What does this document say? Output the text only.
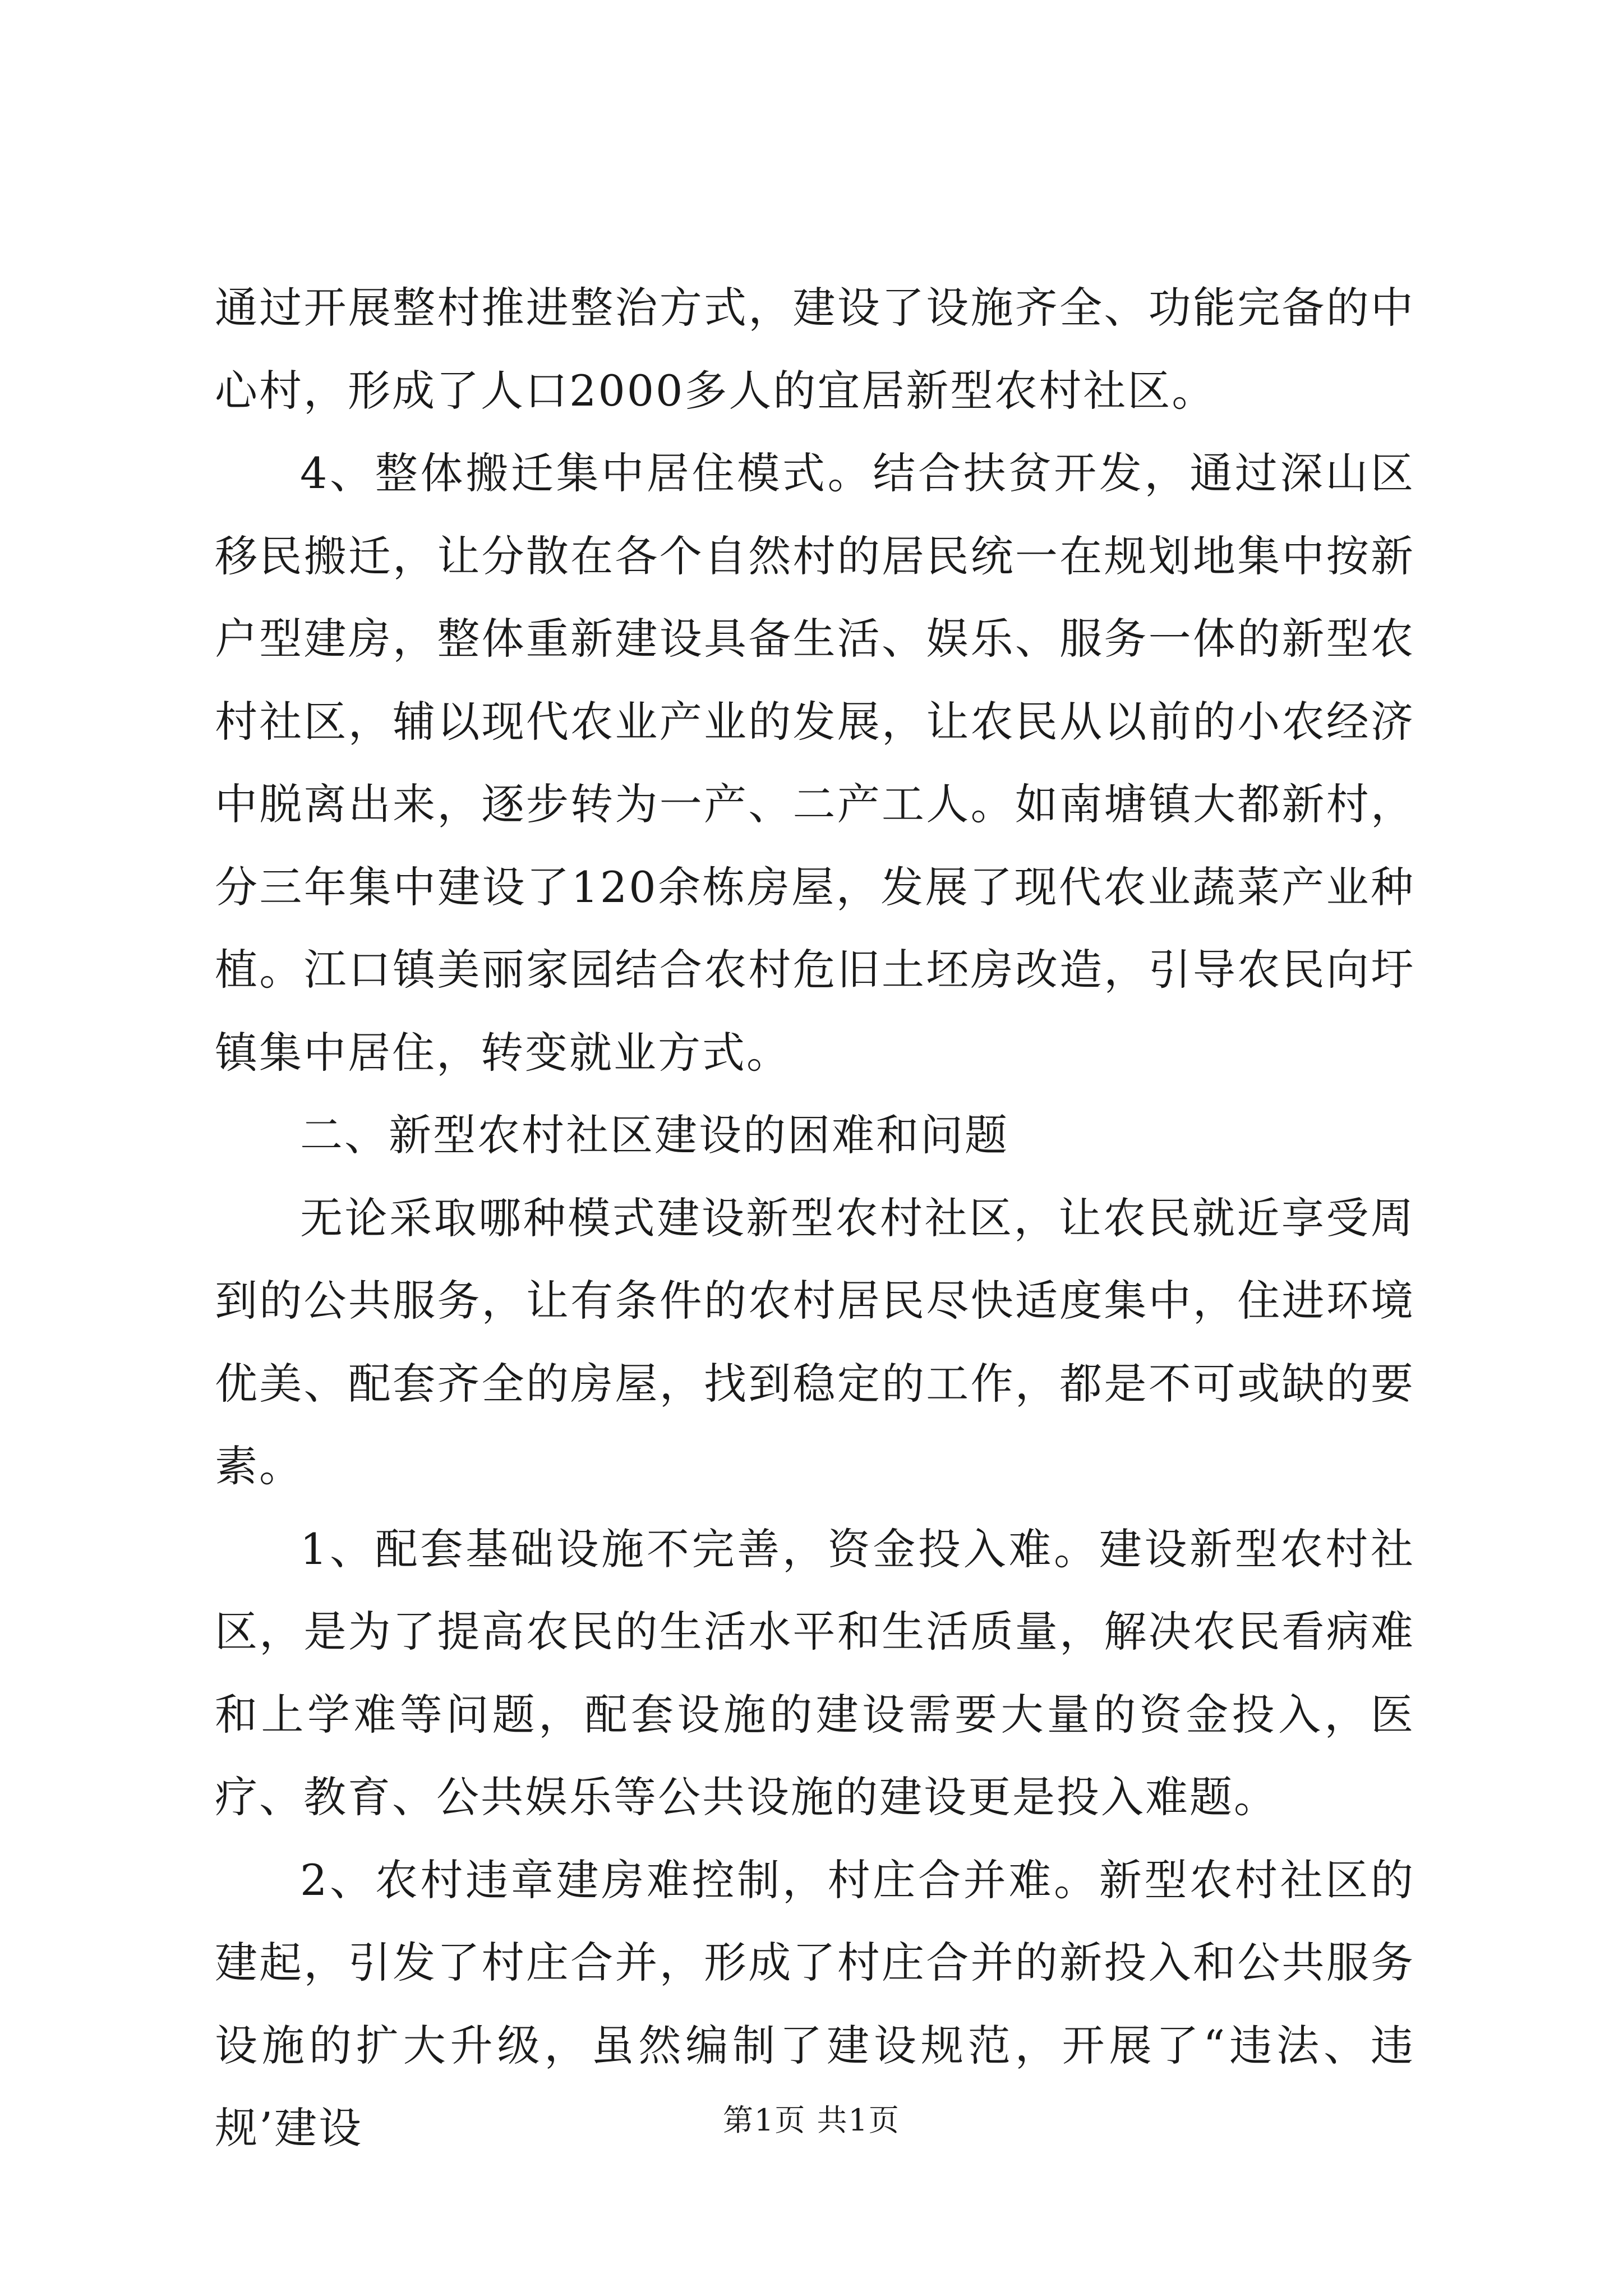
通过开展整村推进整治方式，建设了设施齐全、功能完备的中心村，形成了人口2000多人的宜居新型农村社区。

4、整体搬迁集中居住模式。结合扶贫开发，通过深山区移民搬迁，让分散在各个自然村的居民统一在规划地集中按新户型建房，整体重新建设具备生活、娱乐、服务一体的新型农村社区，辅以现代农业产业的发展，让农民从以前的小农经济中脱离出来，逐步转为一产、二产工人。如南塘镇大都新村，分三年集中建设了120余栋房屋，发展了现代农业蔬菜产业种植。江口镇美丽家园结合农村危旧土坯房改造，引导农民向圩镇集中居住，转变就业方式。

二、新型农村社区建设的困难和问题

无论采取哪种模式建设新型农村社区，让农民就近享受周到的公共服务，让有条件的农村居民尽快适度集中，住进环境优美、配套齐全的房屋，找到稳定的工作，都是不可或缺的要素。

1、配套基础设施不完善，资金投入难。建设新型农村社区，是为了提高农民的生活水平和生活质量，解决农民看病难和上学难等问题，配套设施的建设需要大量的资金投入，医疗、教育、公共娱乐等公共设施的建设更是投入难题。

2、农村违章建房难控制，村庄合并难。新型农村社区的建起，引发了村庄合并，形成了村庄合并的新投入和公共服务设施的扩大升级，虽然编制了建设规范，开展了“违法、违规’建设	第1页 共1页
